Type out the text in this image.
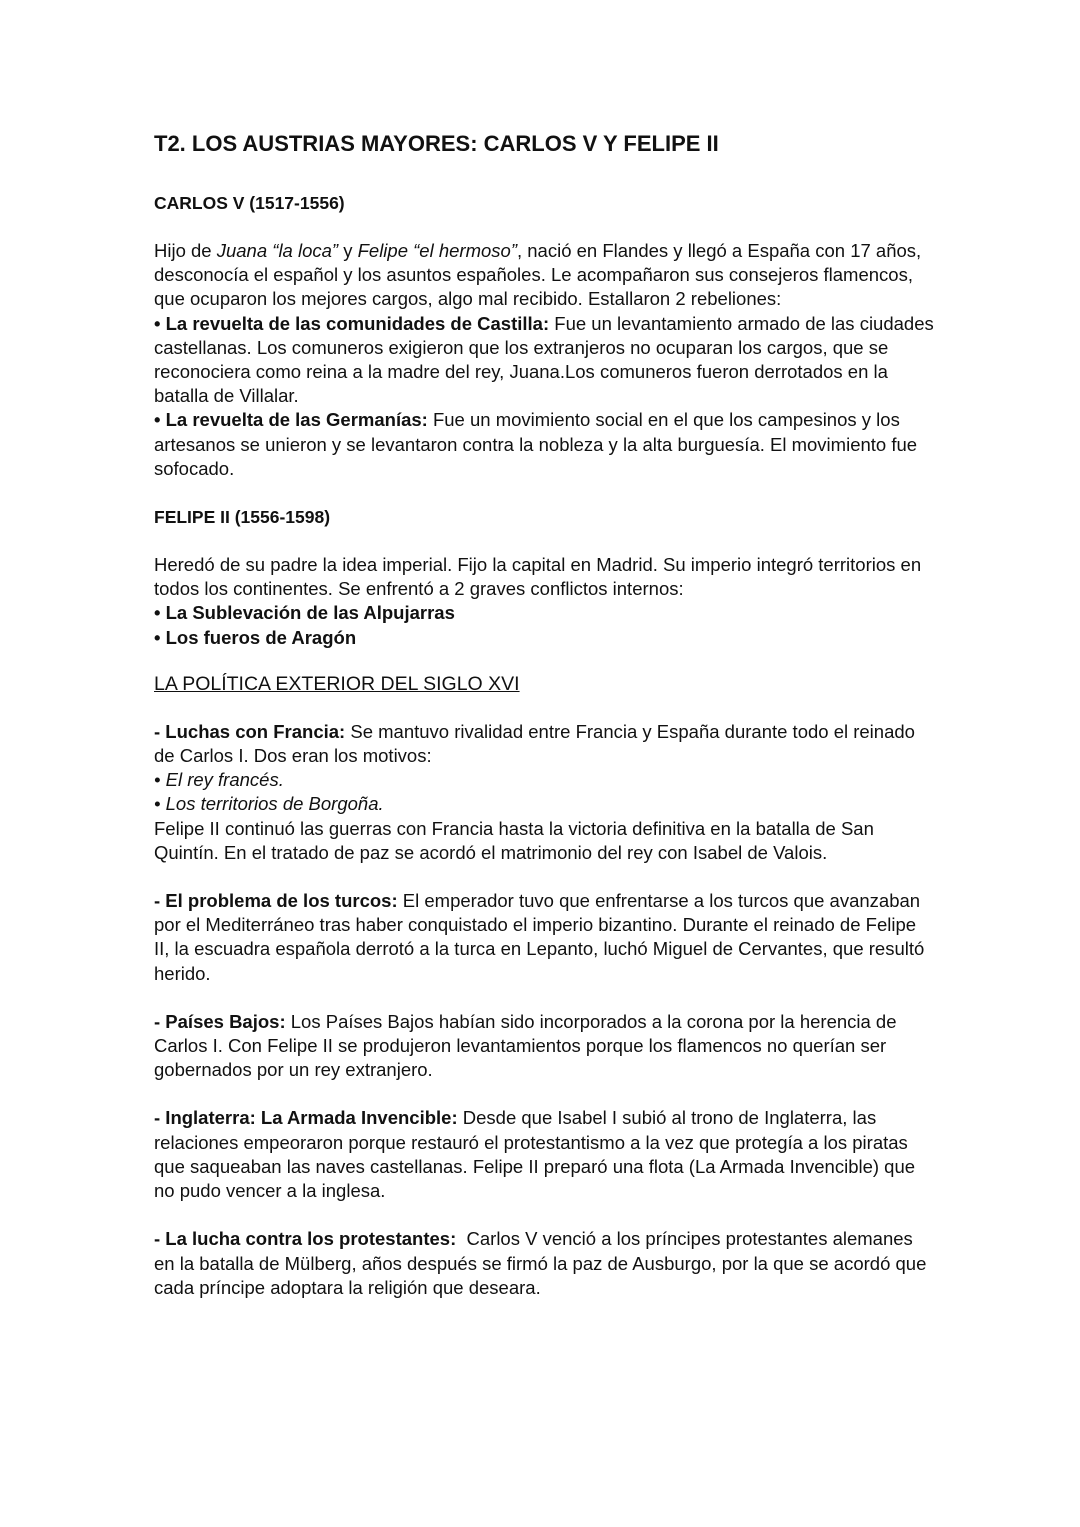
T2. LOS AUSTRIAS MAYORES: CARLOS V Y FELIPE II
CARLOS V (1517-1556)

Hijo de Juana “la loca” y Felipe “el hermoso”, nació en Flandes y llegó a España con 17 años, desconocía el español y los asuntos españoles. Le acompañaron sus consejeros flamencos, que ocuparon los mejores cargos, algo mal recibido. Estallaron 2 rebeliones:

• La revuelta de las comunidades de Castilla: Fue un levantamiento armado de las ciudades castellanas. Los comuneros exigieron que los extranjeros no ocuparan los cargos, que se reconociera como reina a la madre del rey, Juana.Los comuneros fueron derrotados en la batalla de Villalar.

• La revuelta de las Germanías: Fue un movimiento social en el que los campesinos y los artesanos se unieron y se levantaron contra la nobleza y la alta burguesía. El movimiento fue sofocado.

FELIPE II (1556-1598)

Heredó de su padre la idea imperial. Fijo la capital en Madrid. Su imperio integró territorios en todos los continentes. Se enfrentó a 2 graves conflictos internos:

• La Sublevación de las Alpujarras

• Los fueros de Aragón

LA POLÍTICA EXTERIOR DEL SIGLO XVI

- Luchas con Francia: Se mantuvo rivalidad entre Francia y España durante todo el reinado de Carlos I. Dos eran los motivos:

• El rey francés.

• Los territorios de Borgoña.

Felipe II continuó las guerras con Francia hasta la victoria definitiva en la batalla de San Quintín. En el tratado de paz se acordó el matrimonio del rey con Isabel de Valois.

- El problema de los turcos: El emperador tuvo que enfrentarse a los turcos que avanzaban por el Mediterráneo tras haber conquistado el imperio bizantino. Durante el reinado de Felipe II, la escuadra española derrotó a la turca en Lepanto, luchó Miguel de Cervantes, que resultó herido.

- Países Bajos: Los Países Bajos habían sido incorporados a la corona por la herencia de Carlos I. Con Felipe II se produjeron levantamientos porque los flamencos no querían ser gobernados por un rey extranjero.

- Inglaterra: La Armada Invencible: Desde que Isabel I subió al trono de Inglaterra, las relaciones empeoraron porque restauró el protestantismo a la vez que protegía a los piratas que saqueaban las naves castellanas. Felipe II preparó una flota (La Armada Invencible) que no pudo vencer a la inglesa.

- La lucha contra los protestantes:  Carlos V venció a los príncipes protestantes alemanes en la batalla de Mülberg, años después se firmó la paz de Ausburgo, por la que se acordó que cada príncipe adoptara la religión que deseara.
